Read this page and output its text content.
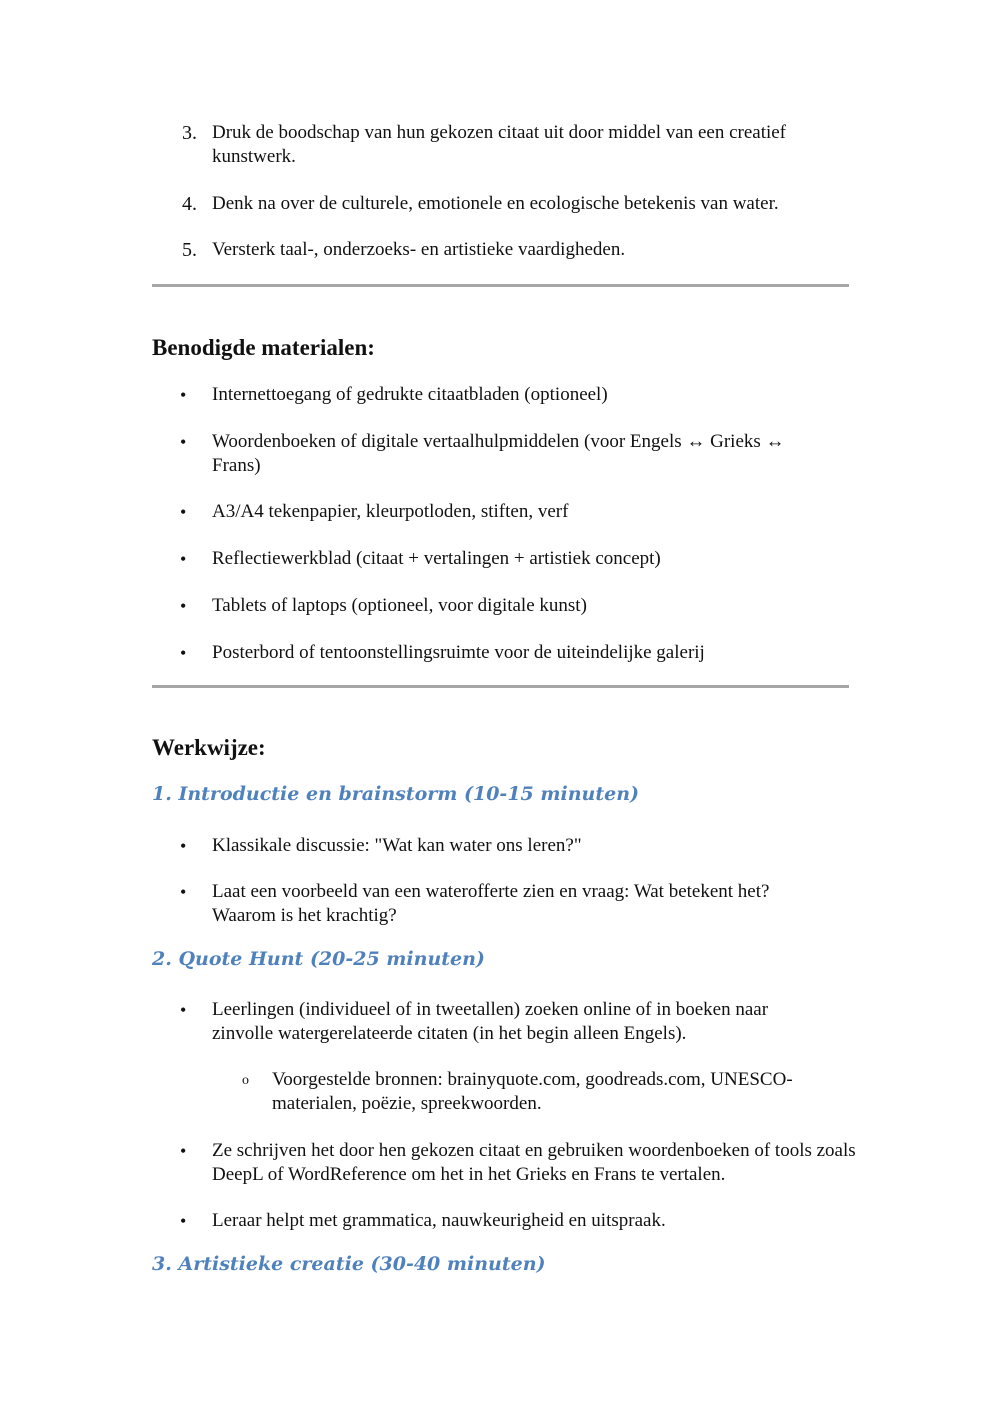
3. Druk de boodschap van hun gekozen citaat uit door middel van een creatief kunstwerk.
4. Denk na over de culturele, emotionele en ecologische betekenis van water.
5. Versterk taal-, onderzoeks- en artistieke vaardigheden.
Benodigde materialen:
• Internettoegang of gedrukte citaatbladen (optioneel)
• Woordenboeken of digitale vertaalhulpmiddelen (voor Engels ↔ Grieks ↔ Frans)
• A3/A4 tekenpapier, kleurpotloden, stiften, verf
• Reflectiewerkblad (citaat + vertalingen + artistiek concept)
• Tablets of laptops (optioneel, voor digitale kunst)
• Posterbord of tentoonstellingsruimte voor de uiteindelijke galerij
Werkwijze:
1. Introductie en brainstorm (10-15 minuten)
• Klassikale discussie: "Wat kan water ons leren?"
• Laat een voorbeeld van een waterofferte zien en vraag: Wat betekent het? Waarom is het krachtig?
2. Quote Hunt (20-25 minuten)
• Leerlingen (individueel of in tweetallen) zoeken online of in boeken naar zinvolle watergerelateerde citaten (in het begin alleen Engels).
o Voorgestelde bronnen: brainyquote.com, goodreads.com, UNESCO-materialen, poëzie, spreekwoorden.
• Ze schrijven het door hen gekozen citaat en gebruiken woordenboeken of tools zoals DeepL of WordReference om het in het Grieks en Frans te vertalen.
• Leraar helpt met grammatica, nauwkeurigheid en uitspraak.
3. Artistieke creatie (30-40 minuten)
